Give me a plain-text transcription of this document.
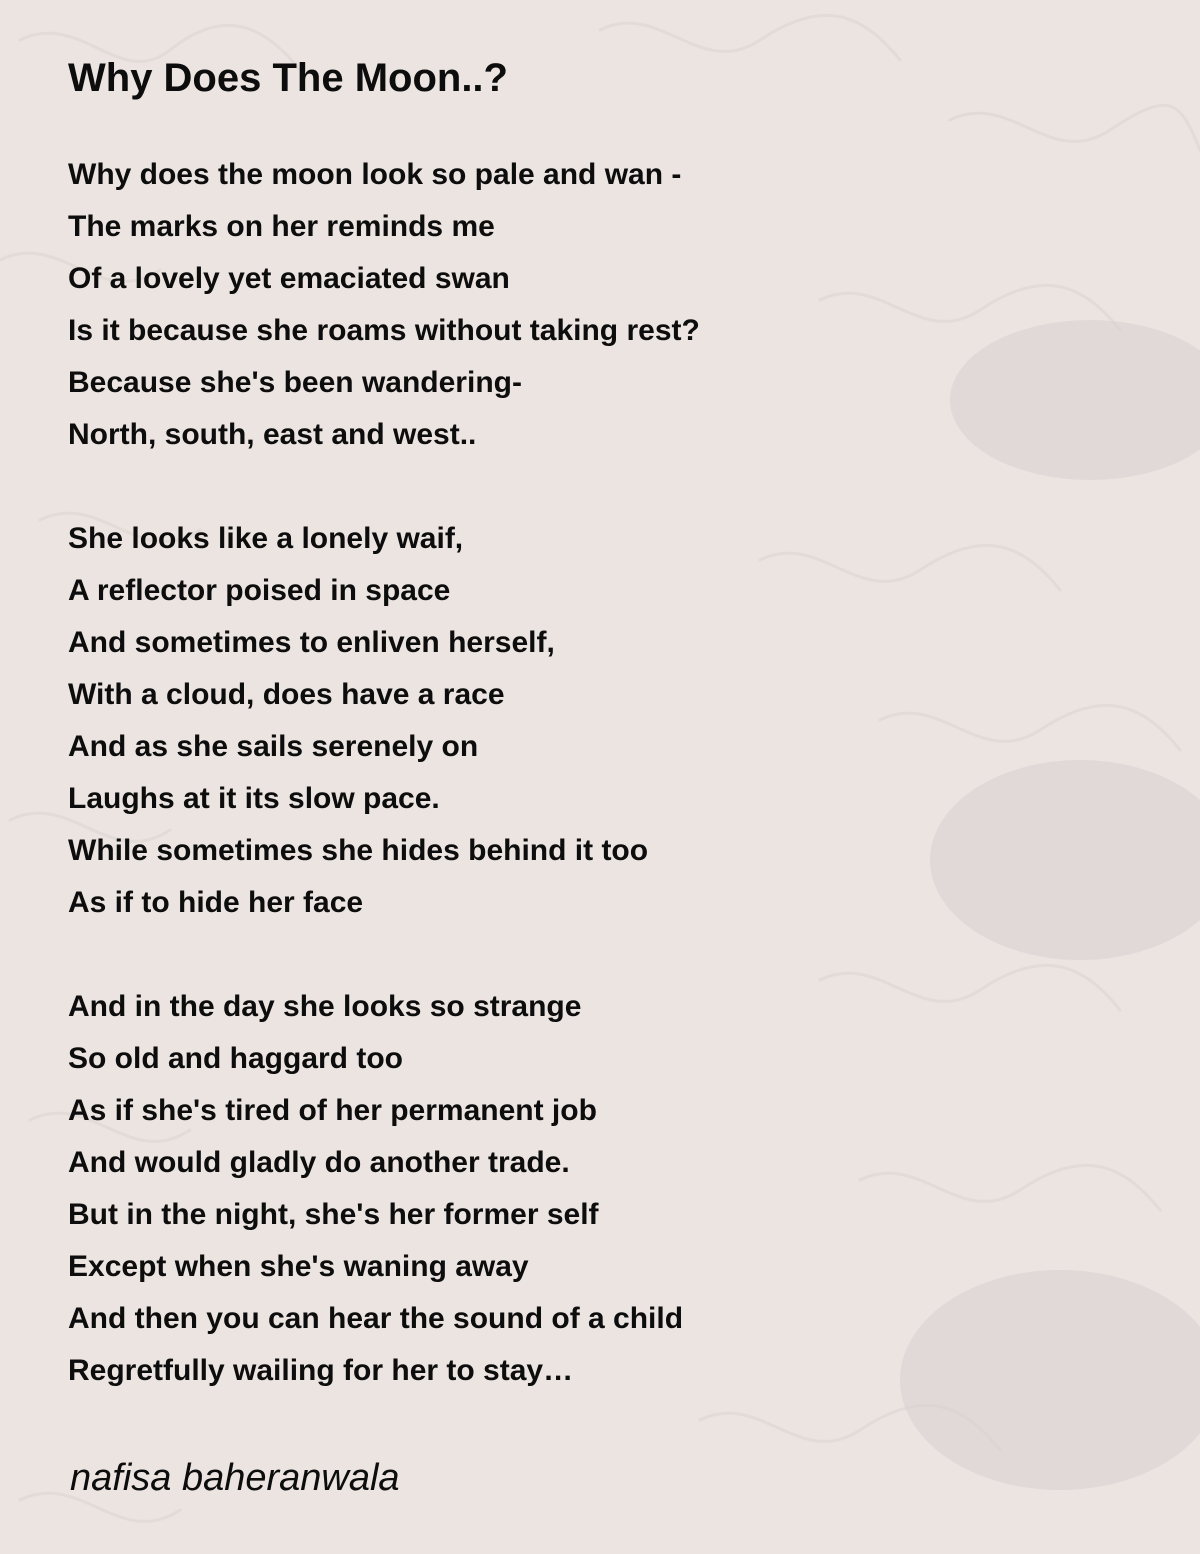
Why Does The Moon..?
Why does the moon look so pale and wan -
The marks on her reminds me
Of a lovely yet emaciated swan
Is it because she roams without taking rest?
Because she's been wandering-
North, south, east and west..
She looks like a lonely waif,
A reflector poised in space
And sometimes to enliven herself,
With a cloud, does have a race
And as she sails serenely on
Laughs at it its slow pace.
While sometimes she hides behind it too
As if to hide her face
And in the day she looks so strange
So old and haggard too
As if she's tired of her permanent job
And would gladly do another trade.
But in the night, she's her former self
Except when she's waning away
And then you can hear the sound of a child
Regretfully wailing for her to stay…
nafisa baheranwala
